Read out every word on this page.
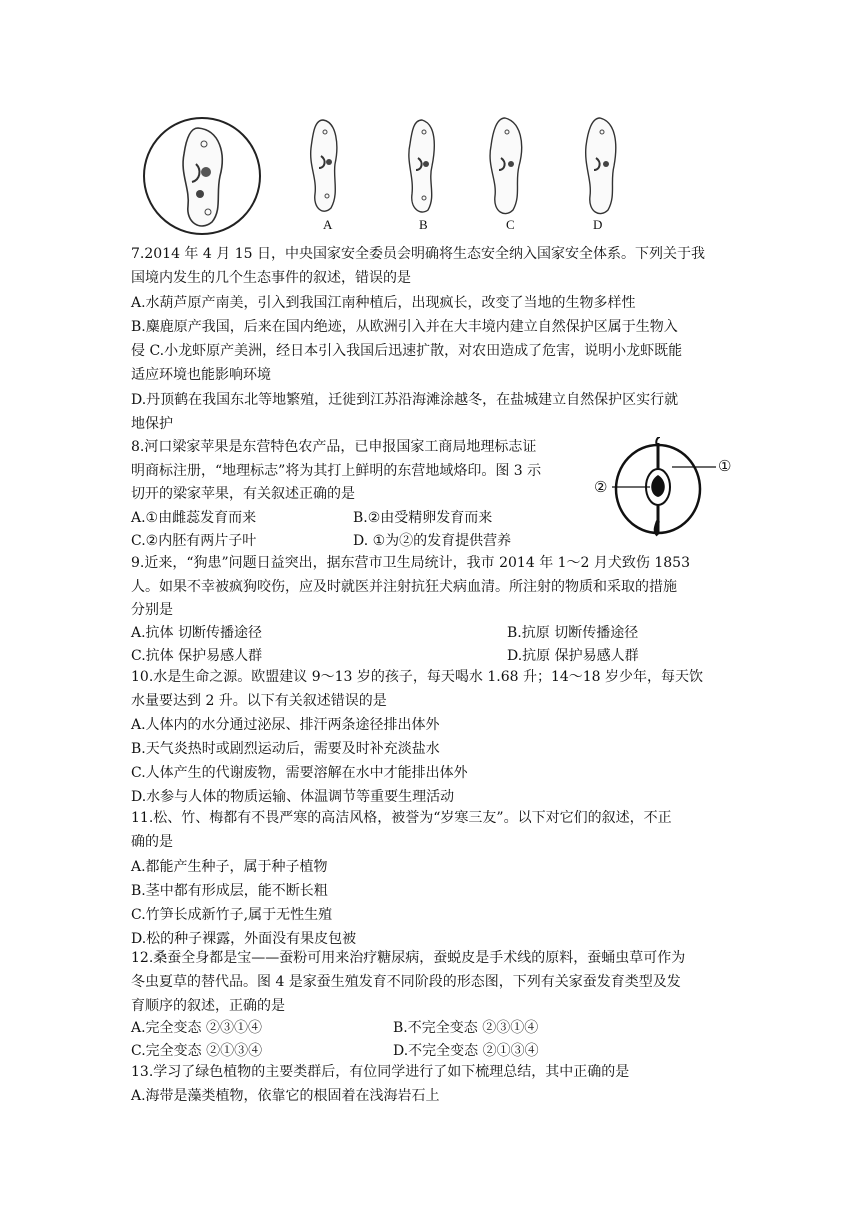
A	B	C	D
7.2014 年 4 月 15 日，中央国家安全委员会明确将生态安全纳入国家安全体系。下列关于我
国境内发生的几个生态事件的叙述，错误的是
A.水葫芦原产南美，引入到我国江南种植后，出现疯长，改变了当地的生物多样性
B.麋鹿原产我国，后来在国内绝迹，从欧洲引入并在大丰境内建立自然保护区属于生物入
侵 C.小龙虾原产美洲，经日本引入我国后迅速扩散，对农田造成了危害，说明小龙虾既能
适应环境也能影响环境
D.丹顶鹤在我国东北等地繁殖，迁徙到江苏沿海滩涂越冬，在盐城建立自然保护区实行就
地保护
8.河口梁家苹果是东营特色农产品，已申报国家工商局地理标志证
明商标注册，“地理标志”将为其打上鲜明的东营地域烙印。图 3 示
切开的梁家苹果，有关叙述正确的是
A.①由雌蕊发育而来	B.②由受精卵发育而来
C.②内胚有两片子叶	D. ①为②的发育提供营养
①
②
9.近来，“狗患”问题日益突出，据东营市卫生局统计，我市 2014 年 1～2 月犬致伤 1853
人。如果不幸被疯狗咬伤，应及时就医并注射抗狂犬病血清。所注射的物质和采取的措施
分别是
A.抗体 切断传播途径	B.抗原 切断传播途径
C.抗体 保护易感人群	D.抗原 保护易感人群
10.水是生命之源。欧盟建议 9～13 岁的孩子，每天喝水 1.68 升；14～18 岁少年，每天饮
水量要达到 2 升。以下有关叙述错误的是
A.人体内的水分通过泌尿、排汗两条途径排出体外
B.天气炎热时或剧烈运动后，需要及时补充淡盐水
C.人体产生的代谢废物，需要溶解在水中才能排出体外
D.水参与人体的物质运输、体温调节等重要生理活动
11.松、竹、梅都有不畏严寒的高洁风格，被誉为“岁寒三友”。以下对它们的叙述，不正
确的是
A.都能产生种子，属于种子植物
B.茎中都有形成层，能不断长粗
C.竹笋长成新竹子,属于无性生殖
D.松的种子裸露，外面没有果皮包被
12.桑蚕全身都是宝——蚕粉可用来治疗糖尿病，蚕蜕皮是手术线的原料，蚕蛹虫草可作为
冬虫夏草的替代品。图 4 是家蚕生殖发育不同阶段的形态图，下列有关家蚕发育类型及发
育顺序的叙述，正确的是
A.完全变态 ②③①④	B.不完全变态 ②③①④
C.完全变态 ②①③④	D.不完全变态 ②①③④
13.学习了绿色植物的主要类群后，有位同学进行了如下梳理总结，其中正确的是
A.海带是藻类植物，依靠它的根固着在浅海岩石上
